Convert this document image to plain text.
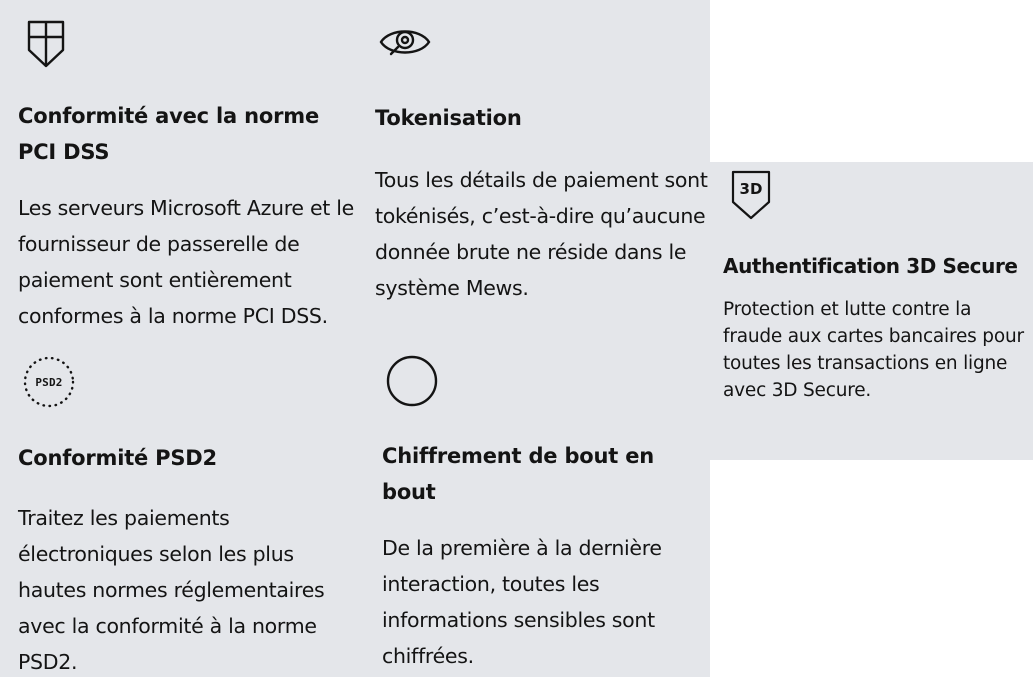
Conformité avec la norme PCI DSS
Les serveurs Microsoft Azure et le fournisseur de passerelle de paiement sont entièrement conformes à la norme PCI DSS.
Tokenisation
Tous les détails de paiement sont tokénisés, c’est-à-dire qu’aucune donnée brute ne réside dans le système Mews.
3D
Authentification 3D Secure
Protection et lutte contre la fraude aux cartes bancaires pour toutes les transactions en ligne avec 3D Secure.
PSD2
Conformité PSD2
Traitez les paiements électroniques selon les plus hautes normes réglementaires avec la conformité à la norme PSD2.
Chiffrement de bout en bout
De la première à la dernière interaction, toutes les informations sensibles sont chiffrées.
